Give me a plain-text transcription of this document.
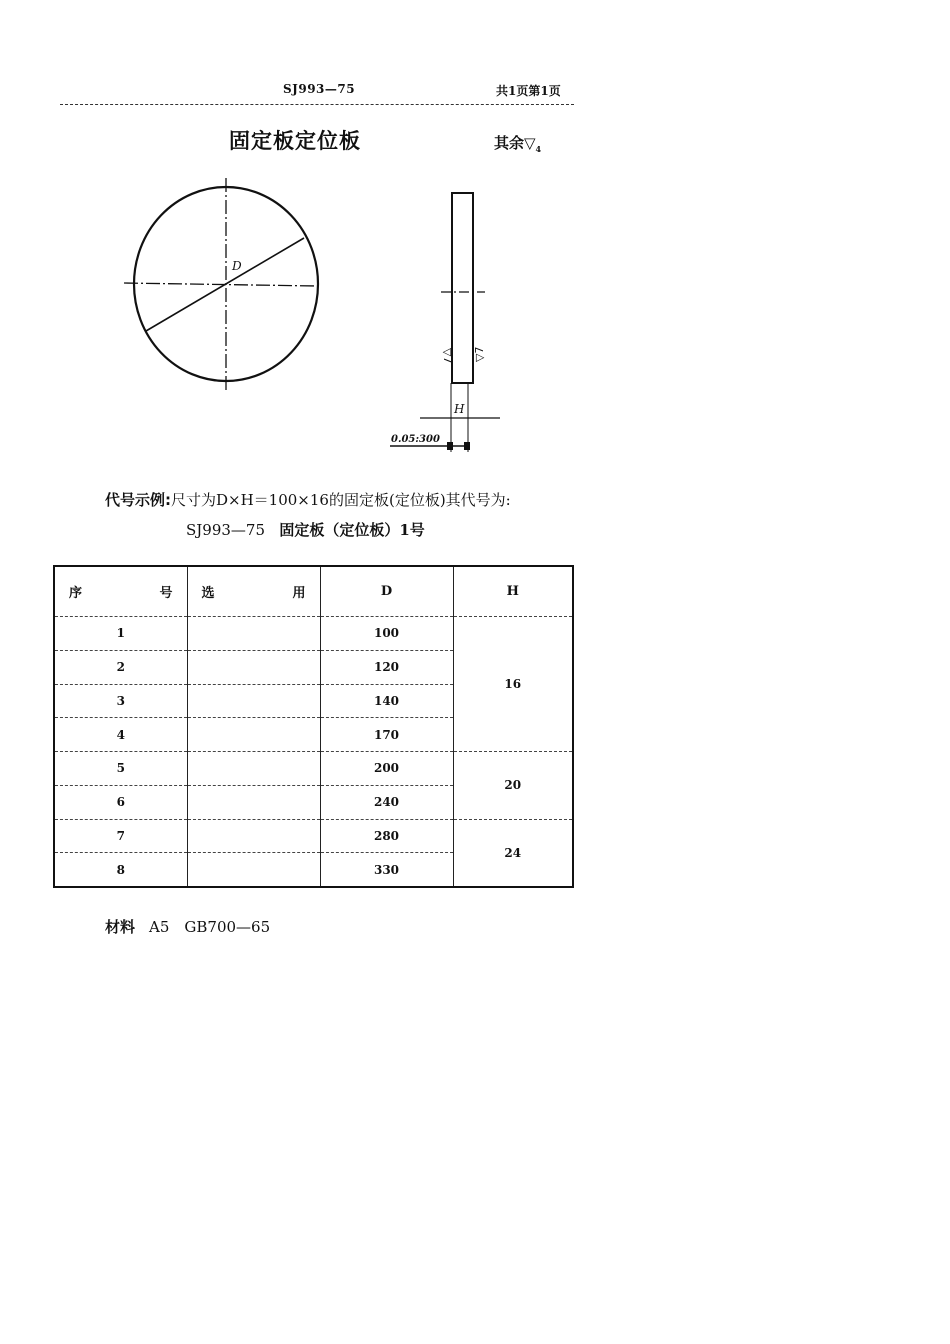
SJ993—75	共1页第1页
固定板定位板	其余$▽_4$
D
H
▽7 ▽7
0.05:300
代号示例:尺寸为D×H＝100×16的固定板(定位板)其代号为:
SJ993—75 固定板（定位板）1号
序 号	选 用	D	H
1		100	16
2		120	
3		140	
4		170	
5		200	20
6		240	
7		280	24
8		330	
材料 A5　GB700—65
